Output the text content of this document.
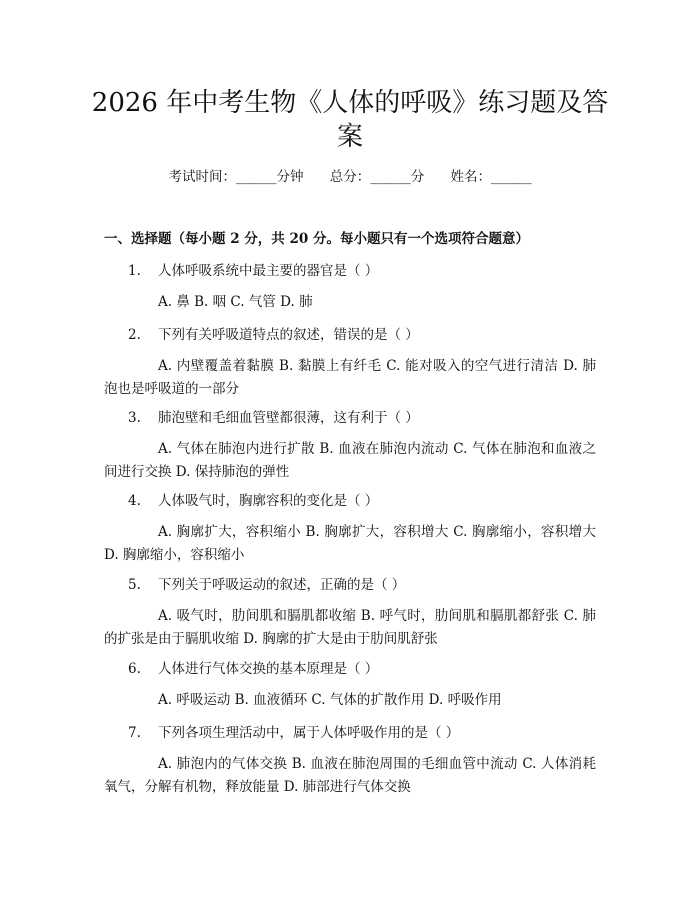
2026 年中考生物《人体的呼吸》练习题及答案
考试时间：______分钟 总分：______分 姓名：______
一、选择题（每小题 2 分，共 20 分。每小题只有一个选项符合题意）
1. 人体呼吸系统中最主要的器官是（ ）
A. 鼻 B. 咽 C. 气管 D. 肺
2. 下列有关呼吸道特点的叙述，错误的是（ ）
A. 内壁覆盖着黏膜 B. 黏膜上有纤毛 C. 能对吸入的空气进行清洁 D. 肺泡也是呼吸道的一部分
3. 肺泡壁和毛细血管壁都很薄，这有利于（ ）
A. 气体在肺泡内进行扩散 B. 血液在肺泡内流动 C. 气体在肺泡和血液之间进行交换 D. 保持肺泡的弹性
4. 人体吸气时，胸廓容积的变化是（ ）
A. 胸廓扩大，容积缩小 B. 胸廓扩大，容积增大 C. 胸廓缩小，容积增大 D. 胸廓缩小，容积缩小
5. 下列关于呼吸运动的叙述，正确的是（ ）
A. 吸气时，肋间肌和膈肌都收缩 B. 呼气时，肋间肌和膈肌都舒张 C. 肺的扩张是由于膈肌收缩 D. 胸廓的扩大是由于肋间肌舒张
6. 人体进行气体交换的基本原理是（ ）
A. 呼吸运动 B. 血液循环 C. 气体的扩散作用 D. 呼吸作用
7. 下列各项生理活动中，属于人体呼吸作用的是（ ）
A. 肺泡内的气体交换 B. 血液在肺泡周围的毛细血管中流动 C. 人体消耗氧气，分解有机物，释放能量 D. 肺部进行气体交换
